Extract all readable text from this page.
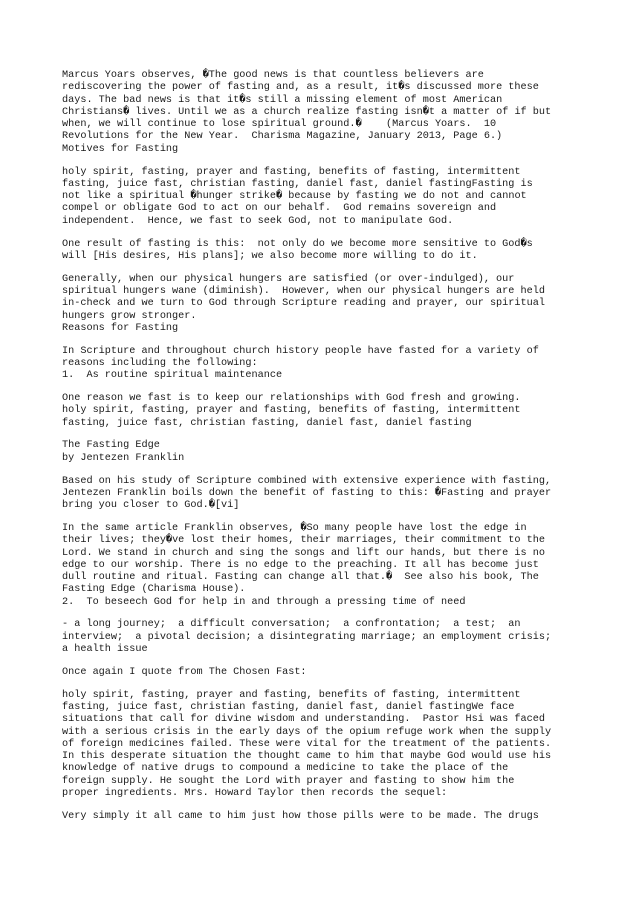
Marcus Yoars observes, �The good news is that countless believers are
rediscovering the power of fasting and, as a result, it�s discussed more these
days. The bad news is that it�s still a missing element of most American
Christians� lives. Until we as a church realize fasting isn�t a matter of if but
when, we will continue to lose spiritual ground.�    (Marcus Yoars.  10
Revolutions for the New Year.  Charisma Magazine, January 2013, Page 6.)
Motives for Fasting
holy spirit, fasting, prayer and fasting, benefits of fasting, intermittent
fasting, juice fast, christian fasting, daniel fast, daniel fastingFasting is
not like a spiritual �hunger strike� because by fasting we do not and cannot
compel or obligate God to act on our behalf.  God remains sovereign and
independent.  Hence, we fast to seek God, not to manipulate God.
One result of fasting is this:  not only do we become more sensitive to God�s
will [His desires, His plans]; we also become more willing to do it.
Generally, when our physical hungers are satisfied (or over-indulged), our
spiritual hungers wane (diminish).  However, when our physical hungers are held
in-check and we turn to God through Scripture reading and prayer, our spiritual
hungers grow stronger.
Reasons for Fasting
In Scripture and throughout church history people have fasted for a variety of
reasons including the following:
1.  As routine spiritual maintenance
One reason we fast is to keep our relationships with God fresh and growing.
holy spirit, fasting, prayer and fasting, benefits of fasting, intermittent
fasting, juice fast, christian fasting, daniel fast, daniel fasting
The Fasting Edge
by Jentezen Franklin
Based on his study of Scripture combined with extensive experience with fasting,
Jentezen Franklin boils down the benefit of fasting to this: �Fasting and prayer
bring you closer to God.�[vi]
In the same article Franklin observes, �So many people have lost the edge in
their lives; they�ve lost their homes, their marriages, their commitment to the
Lord. We stand in church and sing the songs and lift our hands, but there is no
edge to our worship. There is no edge to the preaching. It all has become just
dull routine and ritual. Fasting can change all that.�  See also his book, The
Fasting Edge (Charisma House).
2.  To beseech God for help in and through a pressing time of need
- a long journey;  a difficult conversation;  a confrontation;  a test;  an
interview;  a pivotal decision; a disintegrating marriage; an employment crisis;
a health issue
Once again I quote from The Chosen Fast:
holy spirit, fasting, prayer and fasting, benefits of fasting, intermittent
fasting, juice fast, christian fasting, daniel fast, daniel fastingWe face
situations that call for divine wisdom and understanding.  Pastor Hsi was faced
with a serious crisis in the early days of the opium refuge work when the supply
of foreign medicines failed. These were vital for the treatment of the patients.
In this desperate situation the thought came to him that maybe God would use his
knowledge of native drugs to compound a medicine to take the place of the
foreign supply. He sought the Lord with prayer and fasting to show him the
proper ingredients. Mrs. Howard Taylor then records the sequel:
Very simply it all came to him just how those pills were to be made. The drugs
